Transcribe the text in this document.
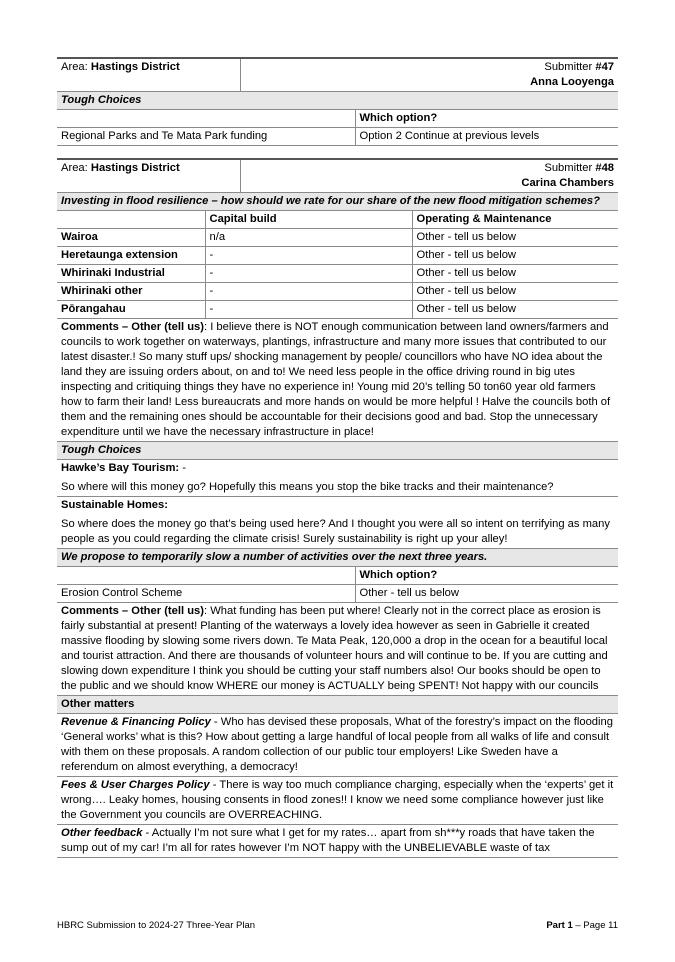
Area: Hastings District	Submitter #47
Anna Looyenga	

Tough Choices		
		Which option?
Regional Parks and Te Mata Park funding		Option 2 Continue at previous levels
Area: Hastings District		Submitter #48
Carina Chambers	

Investing in flood resilience – how should we rate for our share of the new flood mitigation schemes?			
	Capital build		Operating & Maintenance
Wairoa	n/a		Other - tell us below
Heretaunga extension	-		Other - tell us below
Whirinaki Industrial	-		Other - tell us below
Whirinaki other	-		Other - tell us below
Pōrangahau	-		Other - tell us below
Comments – Other (tell us): I believe there is NOT enough communication between land owners/farmers and councils to work together on waterways, plantings, infrastructure and many more issues that contributed to our latest disaster.! So many stuff ups/ shocking management by people/ councillors who have NO idea about the land they are issuing orders about, on and to! We need less people in the office driving round in big utes inspecting and critiquing things they have no experience in! Young mid 20’s telling 50 ton60 year old farmers how to farm their land! Less bureaucrats and more hands on would be more helpful ! Halve the councils both of them and the remaining ones should be accountable for their decisions good and bad. Stop the unnecessary expenditure until we have the necessary infrastructure in place!
Tough Choices
Hawke’s Bay Tourism: -
So where will this money go? Hopefully this means you stop the bike tracks and their maintenance?
Sustainable Homes:
So where does the money go that’s being used here? And I thought you were all so intent on terrifying as many people as you could regarding the climate crisis! Surely sustainability is right up your alley!
We propose to temporarily slow a number of activities over the next three years.	
	Which option?
Erosion Control Scheme	Other - tell us below
Comments – Other (tell us): What funding has been put where! Clearly not in the correct place as erosion is fairly substantial at present! Planting of the waterways a lovely idea however as seen in Gabrielle it created massive flooding by slowing some rivers down. Te Mata Peak, 120,000 a drop in the ocean for a beautiful local and tourist attraction. And there are thousands of volunteer hours and will continue to be. If you are cutting and slowing down expenditure I think you should be cutting your staff numbers also! Our books should be open to the public and we should know WHERE our money is ACTUALLY being SPENT! Not happy with our councils
Other matters
Revenue & Financing Policy - Who has devised these proposals, What of the forestry’s impact on the flooding ‘General works’ what is this? How about getting a large handful of local people from all walks of life and consult with them on these proposals. A random collection of our public tour employers! Like Sweden have a referendum on almost everything, a democracy!
Fees & User Charges Policy - There is way too much compliance charging, especially when the ‘experts’ get it wrong…. Leaky homes, housing consents in flood zones!! I know we need some compliance however just like the Government you councils are OVERREACHING.
Other feedback - Actually I’m not sure what I get for my rates… apart from sh***y roads that have taken the sump out of my car! I’m all for rates however I’m NOT happy with the UNBELIEVABLE waste of tax
HBRC Submission to 2024-27 Three-Year Plan	Part 1 – Page 11
